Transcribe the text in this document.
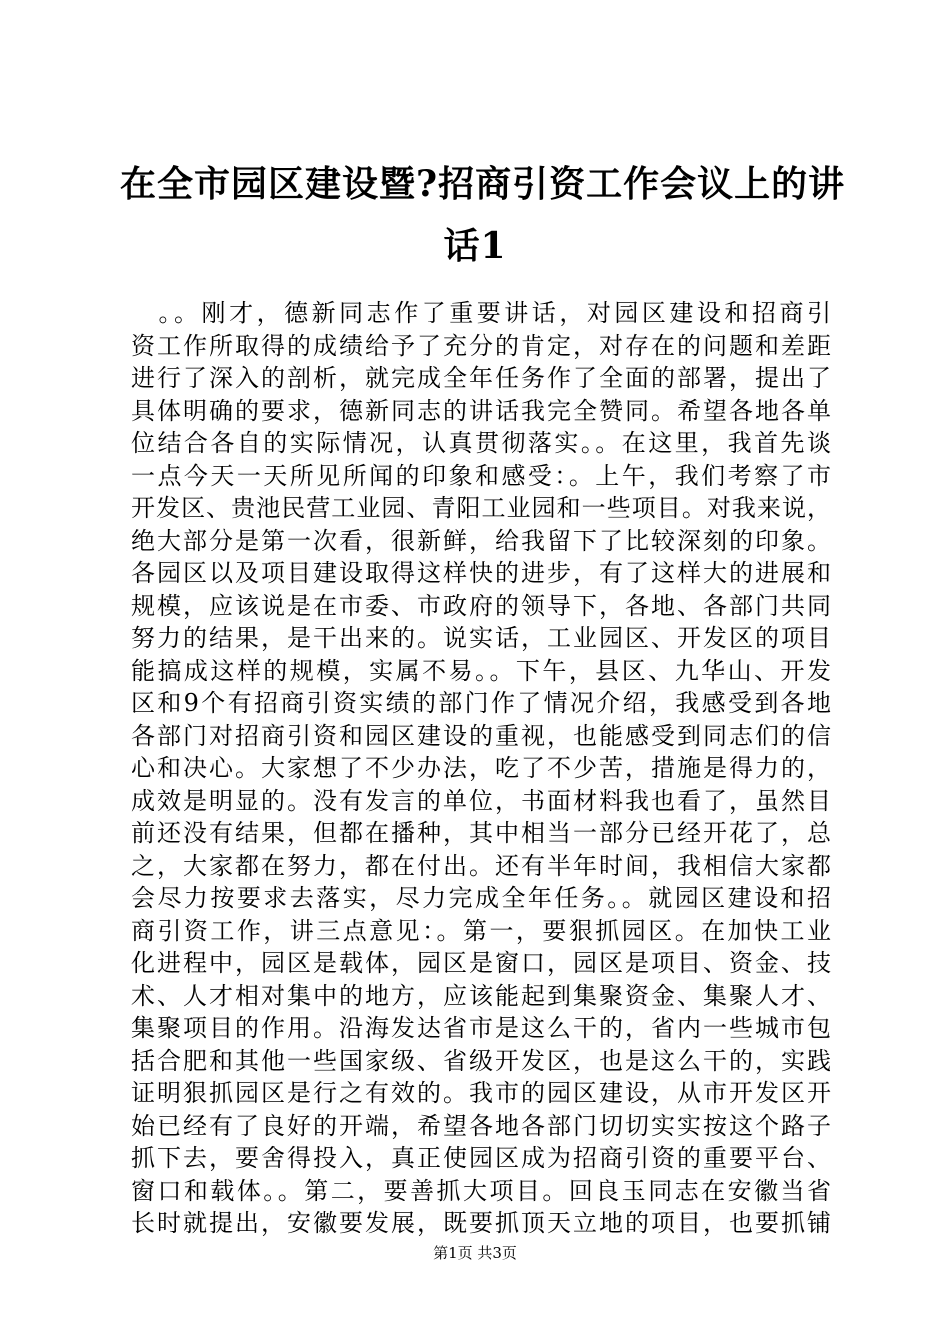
在全市园区建设暨?招商引资工作会议上的讲
话1
　。。刚才，德新同志作了重要讲话，对园区建设和招商引
资工作所取得的成绩给予了充分的肯定，对存在的问题和差距
进行了深入的剖析，就完成全年任务作了全面的部署，提出了
具体明确的要求，德新同志的讲话我完全赞同。希望各地各单
位结合各自的实际情况，认真贯彻落实。。在这里，我首先谈
一点今天一天所见所闻的印象和感受：。上午，我们考察了市
开发区、贵池民营工业园、青阳工业园和一些项目。对我来说，
绝大部分是第一次看，很新鲜，给我留下了比较深刻的印象。
各园区以及项目建设取得这样快的进步，有了这样大的进展和
规模，应该说是在市委、市政府的领导下，各地、各部门共同
努力的结果，是干出来的。说实话，工业园区、开发区的项目
能搞成这样的规模，实属不易。。下午，县区、九华山、开发
区和9个有招商引资实绩的部门作了情况介绍，我感受到各地
各部门对招商引资和园区建设的重视，也能感受到同志们的信
心和决心。大家想了不少办法，吃了不少苦，措施是得力的，
成效是明显的。没有发言的单位，书面材料我也看了，虽然目
前还没有结果，但都在播种，其中相当一部分已经开花了，总
之，大家都在努力，都在付出。还有半年时间，我相信大家都
会尽力按要求去落实，尽力完成全年任务。。就园区建设和招
商引资工作，讲三点意见：。第一，要狠抓园区。在加快工业
化进程中，园区是载体，园区是窗口，园区是项目、资金、技
术、人才相对集中的地方，应该能起到集聚资金、集聚人才、
集聚项目的作用。沿海发达省市是这么干的，省内一些城市包
括合肥和其他一些国家级、省级开发区，也是这么干的，实践
证明狠抓园区是行之有效的。我市的园区建设，从市开发区开
始已经有了良好的开端，希望各地各部门切切实实按这个路子
抓下去，要舍得投入，真正使园区成为招商引资的重要平台、
窗口和载体。。第二，要善抓大项目。回良玉同志在安徽当省
长时就提出，安徽要发展，既要抓顶天立地的项目，也要抓铺
第1页 共3页
